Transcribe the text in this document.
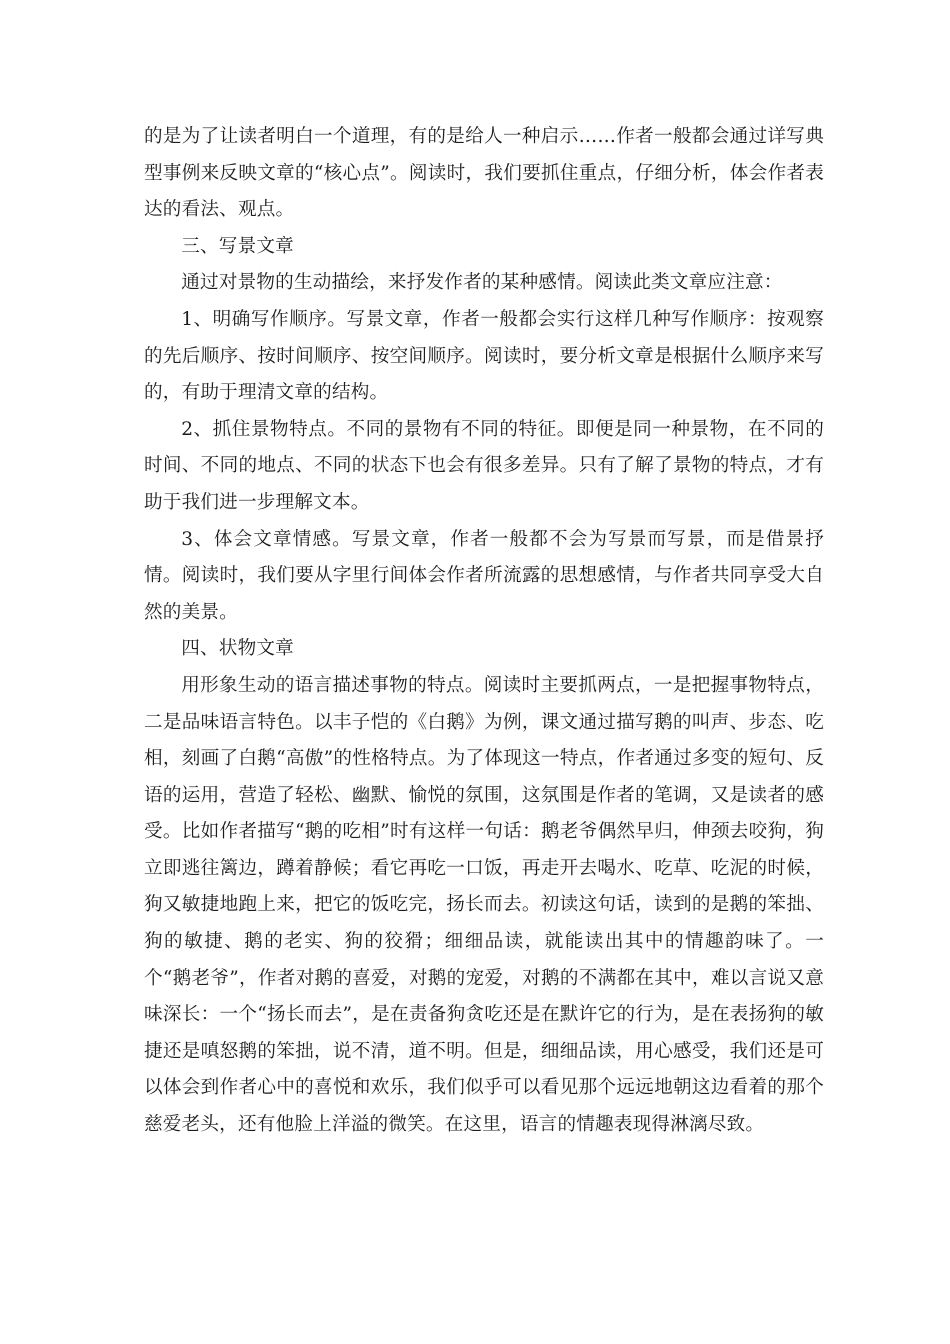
的是为了让读者明白一个道理，有的是给人一种启示……作者一般都会通过详写典型事例来反映文章的“核心点”。阅读时，我们要抓住重点，仔细分析，体会作者表达的看法、观点。

三、写景文章

通过对景物的生动描绘，来抒发作者的某种感情。阅读此类文章应注意：

1、明确写作顺序。写景文章，作者一般都会实行这样几种写作顺序：按观察的先后顺序、按时间顺序、按空间顺序。阅读时，要分析文章是根据什么顺序来写的，有助于理清文章的结构。

2、抓住景物特点。不同的景物有不同的特征。即便是同一种景物，在不同的时间、不同的地点、不同的状态下也会有很多差异。只有了解了景物的特点，才有助于我们进一步理解文本。

3、体会文章情感。写景文章，作者一般都不会为写景而写景，而是借景抒情。阅读时，我们要从字里行间体会作者所流露的思想感情，与作者共同享受大自然的美景。

四、状物文章

用形象生动的语言描述事物的特点。阅读时主要抓两点，一是把握事物特点，二是品味语言特色。以丰子恺的《白鹅》为例，课文通过描写鹅的叫声、步态、吃相，刻画了白鹅“高傲”的性格特点。为了体现这一特点，作者通过多变的短句、反语的运用，营造了轻松、幽默、愉悦的氛围，这氛围是作者的笔调，又是读者的感受。比如作者描写“鹅的吃相”时有这样一句话：鹅老爷偶然早归，伸颈去咬狗，狗立即逃往篱边，蹲着静候；看它再吃一口饭，再走开去喝水、吃草、吃泥的时候，狗又敏捷地跑上来，把它的饭吃完，扬长而去。初读这句话，读到的是鹅的笨拙、狗的敏捷、鹅的老实、狗的狡猾；细细品读，就能读出其中的情趣韵味了。一个“鹅老爷”，作者对鹅的喜爱，对鹅的宠爱，对鹅的不满都在其中，难以言说又意味深长：一个“扬长而去”，是在责备狗贪吃还是在默许它的行为，是在表扬狗的敏捷还是嗔怒鹅的笨拙，说不清，道不明。但是，细细品读，用心感受，我们还是可以体会到作者心中的喜悦和欢乐，我们似乎可以看见那个远远地朝这边看着的那个慈爱老头，还有他脸上洋溢的微笑。在这里，语言的情趣表现得淋漓尽致。
